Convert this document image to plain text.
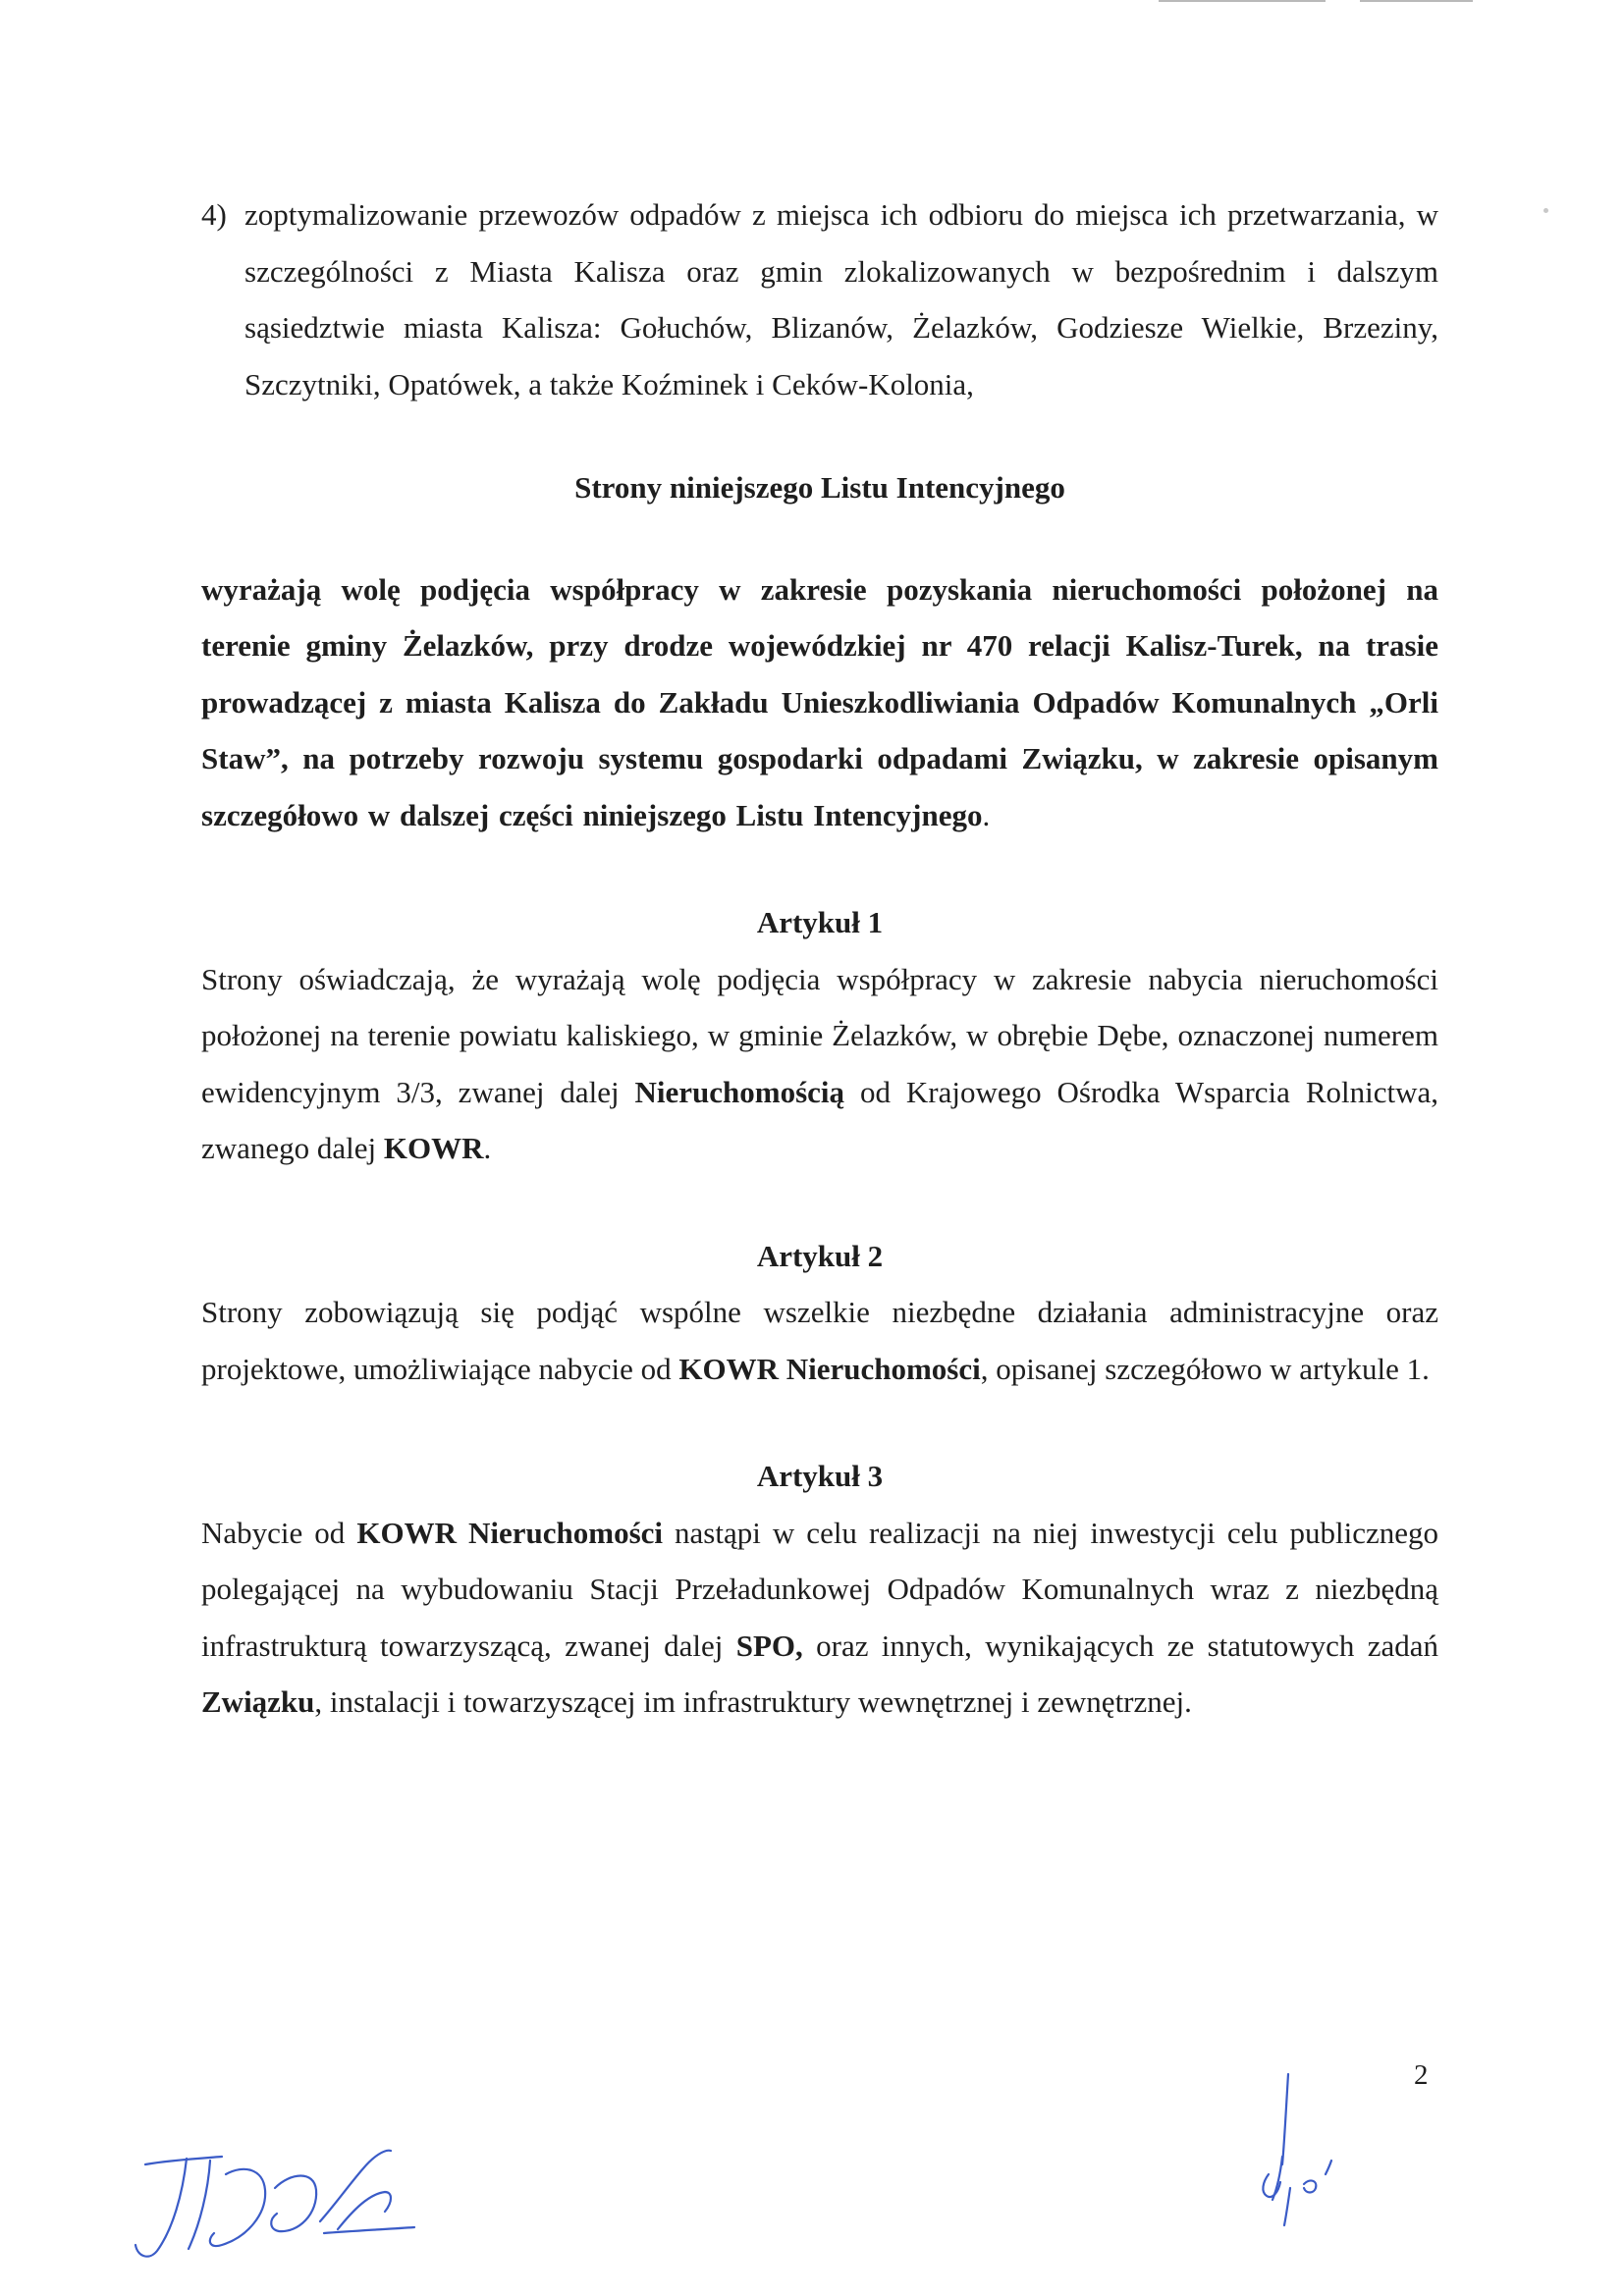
4) zoptymalizowanie przewozów odpadów z miejsca ich odbioru do miejsca ich przetwarzania, w szczególności z Miasta Kalisza oraz gmin zlokalizowanych w bezpośrednim i dalszym sąsiedztwie miasta Kalisza: Gołuchów, Blizanów, Żelazków, Godziesze Wielkie, Brzeziny, Szczytniki, Opatówek, a także Koźminek i Ceków-Kolonia,

Strony niniejszego Listu Intencyjnego

wyrażają wolę podjęcia współpracy w zakresie pozyskania nieruchomości położonej na terenie gminy Żelazków, przy drodze wojewódzkiej nr 470 relacji Kalisz-Turek, na trasie prowadzącej z miasta Kalisza do Zakładu Unieszkodliwiania Odpadów Komunalnych „Orli Staw”, na potrzeby rozwoju systemu gospodarki odpadami Związku, w zakresie opisanym szczegółowo w dalszej części niniejszego Listu Intencyjnego.

Artykuł 1

Strony oświadczają, że wyrażają wolę podjęcia współpracy w zakresie nabycia nieruchomości położonej na terenie powiatu kaliskiego, w gminie Żelazków, w obrębie Dębe, oznaczonej numerem ewidencyjnym 3/3, zwanej dalej Nieruchomością od Krajowego Ośrodka Wsparcia Rolnictwa, zwanego dalej KOWR.

Artykuł 2

Strony zobowiązują się podjąć wspólne wszelkie niezbędne działania administracyjne oraz projektowe, umożliwiające nabycie od KOWR Nieruchomości, opisanej szczegółowo w artykule 1.

Artykuł 3

Nabycie od KOWR Nieruchomości nastąpi w celu realizacji na niej inwestycji celu publicznego polegającej na wybudowaniu Stacji Przeładunkowej Odpadów Komunalnych wraz z niezbędną infrastrukturą towarzyszącą, zwanej dalej SPO, oraz innych, wynikających ze statutowych zadań Związku, instalacji i towarzyszącej im infrastruktury wewnętrznej i zewnętrznej.

2
